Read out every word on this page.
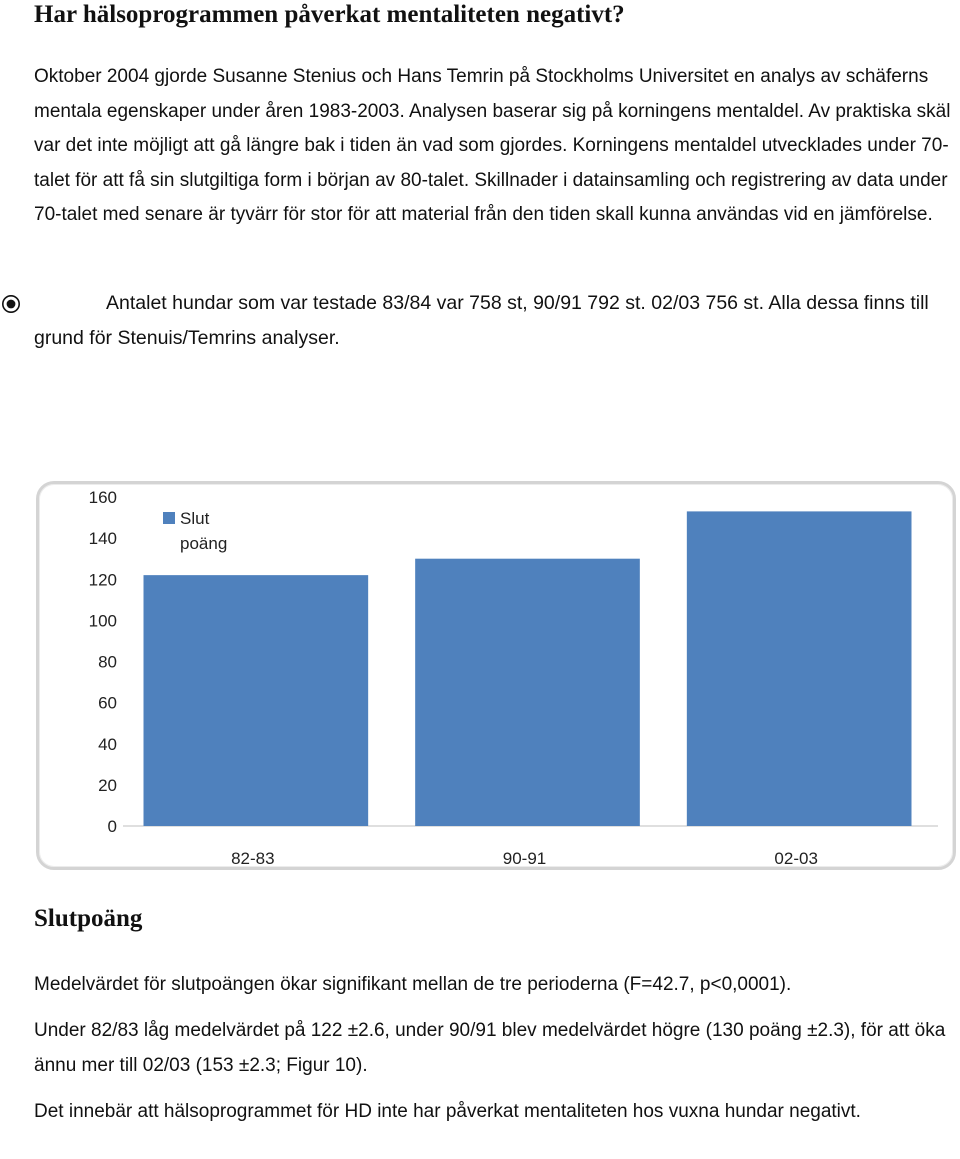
Har hälsoprogrammen påverkat mentaliteten negativt?

Oktober 2004 gjorde Susanne Stenius och Hans Temrin på Stockholms Universitet en analys av schäferns mentala egenskaper under åren 1983-2003. Analysen baserar sig på korningens mentaldel. Av praktiska skäl var det inte möjligt att gå längre bak i tiden än vad som gjordes. Korningens mentaldel utvecklades under 70-talet för att få sin slutgiltiga form i början av 80-talet. Skillnader i datainsamling och registrering av data under 70-talet med senare är tyvärr för stor för att material från den tiden skall kunna användas vid en jämförelse.

Antalet hundar som var testade 83/84 var 758 st, 90/91 792 st. 02/03 756 st. Alla dessa finns till grund för Stenuis/Temrins analyser.

0
20
40
60
80
100
120
140
160
82-83	90-91	02-03
Slut
poäng
Slutpoäng

Medelvärdet för slutpoängen ökar signifikant mellan de tre perioderna (F=42.7, p<0,0001).

Under 82/83 låg medelvärdet på 122 ±2.6, under 90/91 blev medelvärdet högre (130 poäng ±2.3), för att öka ännu mer till 02/03 (153 ±2.3; Figur 10).

Det innebär att hälsoprogrammet för HD inte har påverkat mentaliteten hos vuxna hundar negativt.
